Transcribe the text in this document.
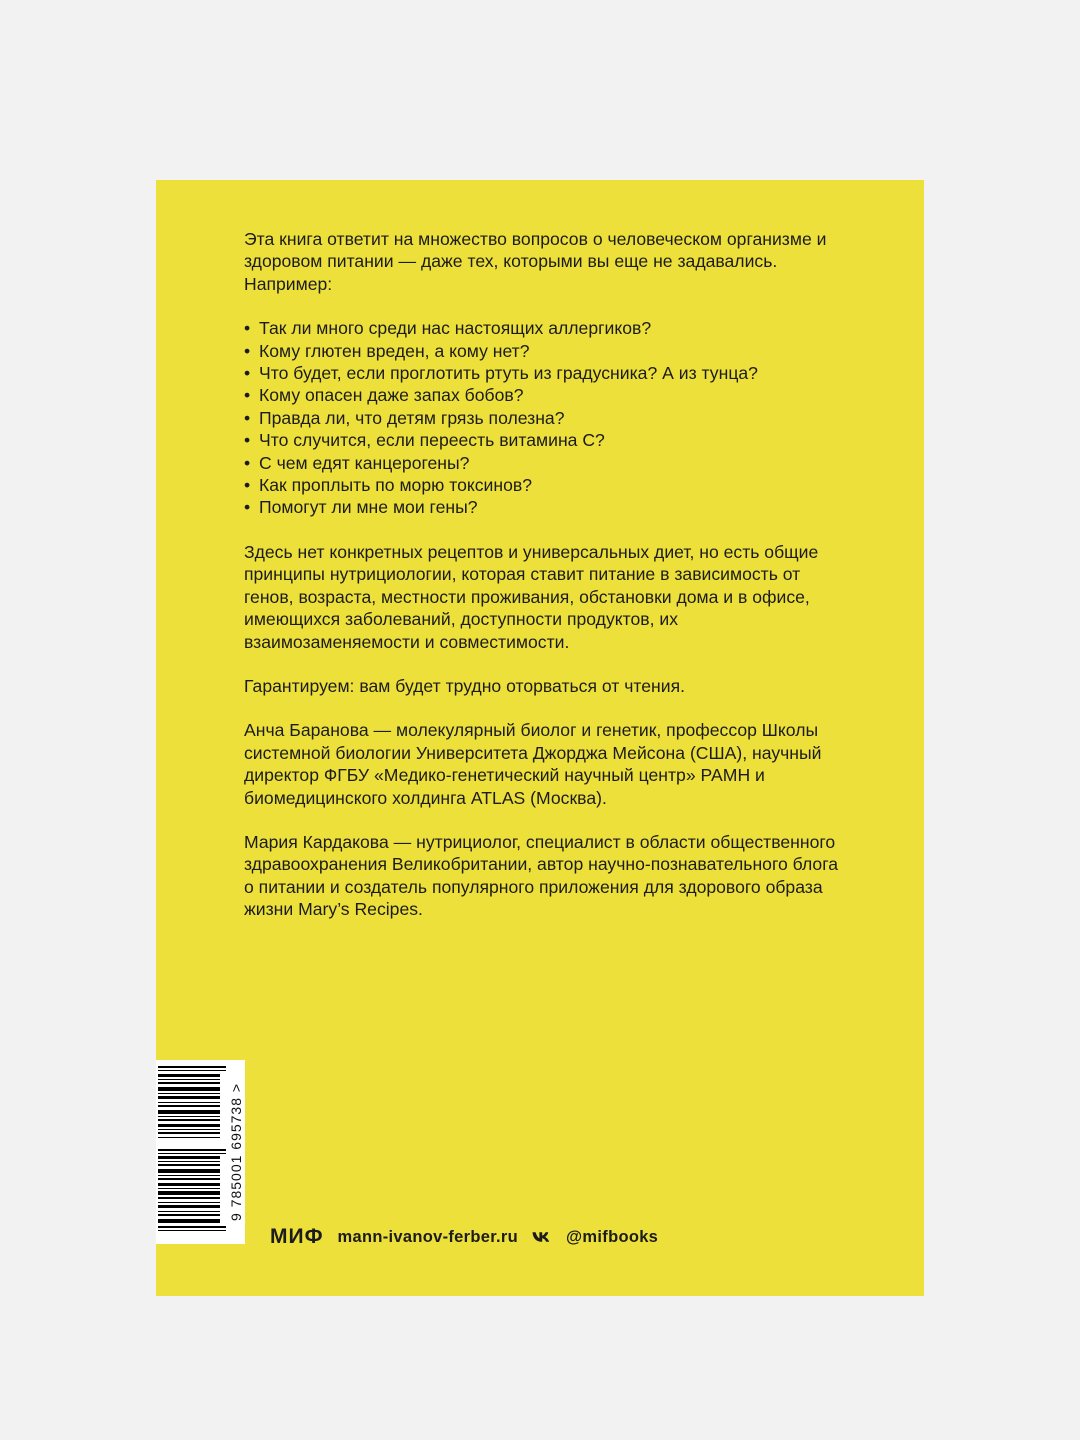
Эта книга ответит на множество вопросов о человеческом организме и здоровом питании — даже тех, которыми вы еще не задавались. Например:

• Так ли много среди нас настоящих аллергиков?
• Кому глютен вреден, а кому нет?
• Что будет, если проглотить ртуть из градусника? А из тунца?
• Кому опасен даже запах бобов?
• Правда ли, что детям грязь полезна?
• Что случится, если переесть витамина С?
• С чем едят канцерогены?
• Как проплыть по морю токсинов?
• Помогут ли мне мои гены?

Здесь нет конкретных рецептов и универсальных диет, но есть общие принципы нутрициологии, которая ставит питание в зависимость от генов, возраста, местности проживания, обстановки дома и в офисе, имеющихся заболеваний, доступности продуктов, их взаимозаменяемости и совместимости.

Гарантируем: вам будет трудно оторваться от чтения.

Анча Баранова — молекулярный биолог и генетик, профессор Школы системной биологии Университета Джорджа Мейсона (США), научный директор ФГБУ «Медико-генетический научный центр» РАМН и биомедицинского холдинга ATLAS (Москва).

Мария Кардакова — нутрициолог, специалист в области общественного здравоохранения Великобритании, автор научно-познавательного блога о питании и создатель популярного приложения для здорового образа жизни Mary’s Recipes.

9 785001 695738 >
МИФ mann-ivanov-ferber.ru	@mifbooks
